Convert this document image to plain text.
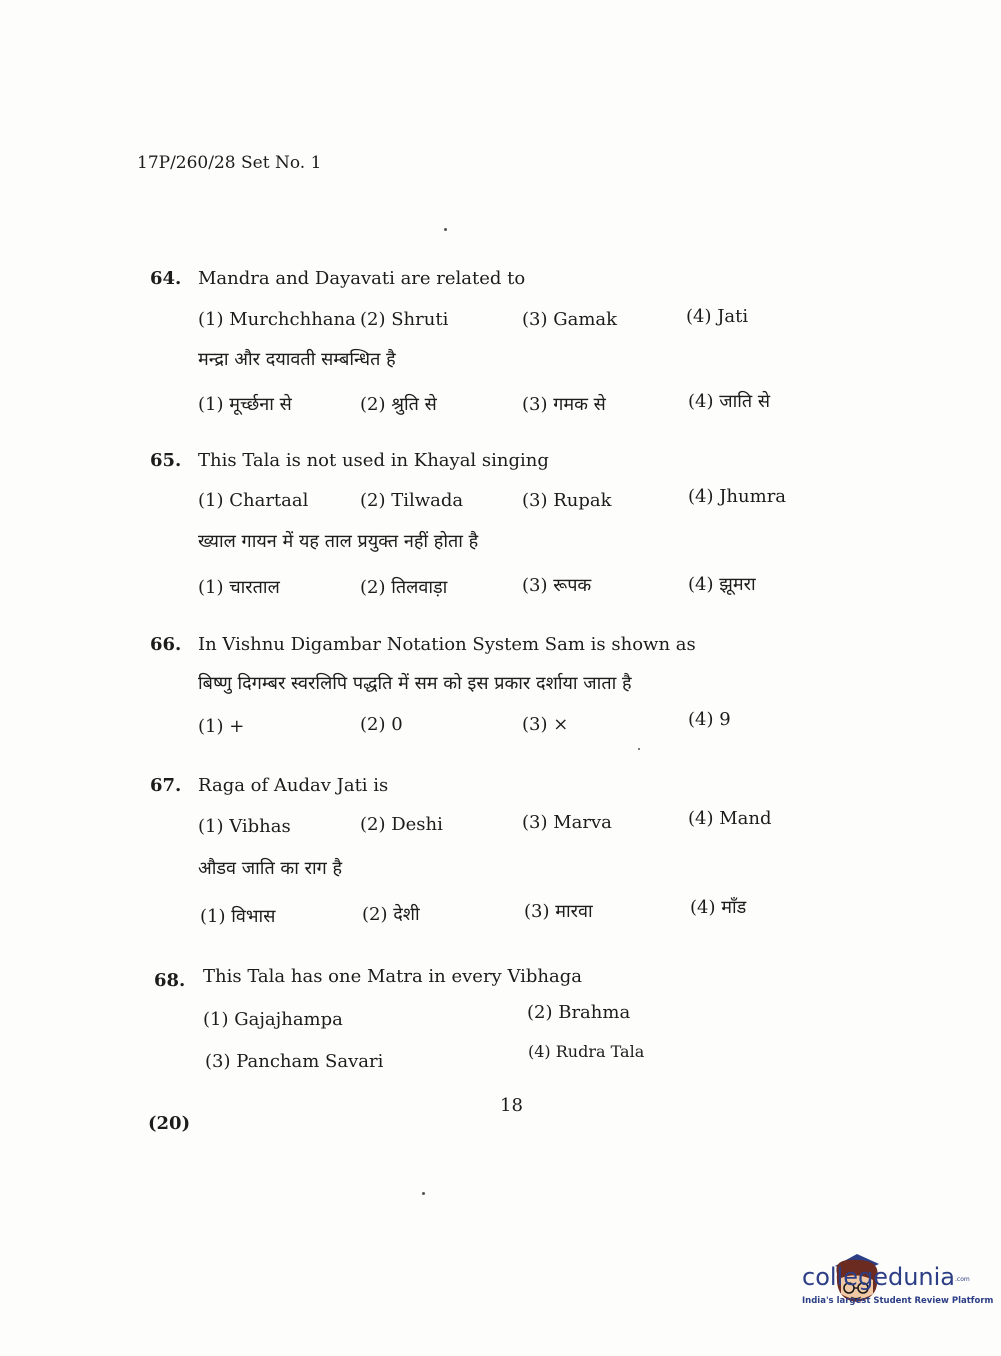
17P/260/28 Set No. 1
64. Mandra and Dayavati are related to
(1) Murchchhana (2) Shruti	(3) Gamak	(4) Jati
मन्द्रा और दयावती सम्बन्धित है
(1) मूर्च्छना से	(2) श्रुति से	(3) गमक से	(4) जाति से
65. This Tala is not used in Khayal singing
(1) Chartaal	(2) Tilwada	(3) Rupak	(4) Jhumra
ख्याल गायन में यह ताल प्रयुक्त नहीं होता है
(1) चारताल	(2) तिलवाड़ा	(3) रूपक	(4) झूमरा
66. In Vishnu Digambar Notation System Sam is shown as
बिष्णु दिगम्बर स्वरलिपि पद्धति में सम को इस प्रकार दर्शाया जाता है
(1) +	(2) 0	(3) ×	(4) 9
67. Raga of Audav Jati is
(1) Vibhas	(2) Deshi	(3) Marva	(4) Mand
औडव जाति का राग है
(1) विभास	(2) देशी	(3) मारवा	(4) माँड
68. This Tala has one Matra in every Vibhaga
(1) Gajajhampa	(2) Brahma
(3) Pancham Savari	(4) Rudra Tala
18
(20)
collegedunia .com
India's largest Student Review Platform
